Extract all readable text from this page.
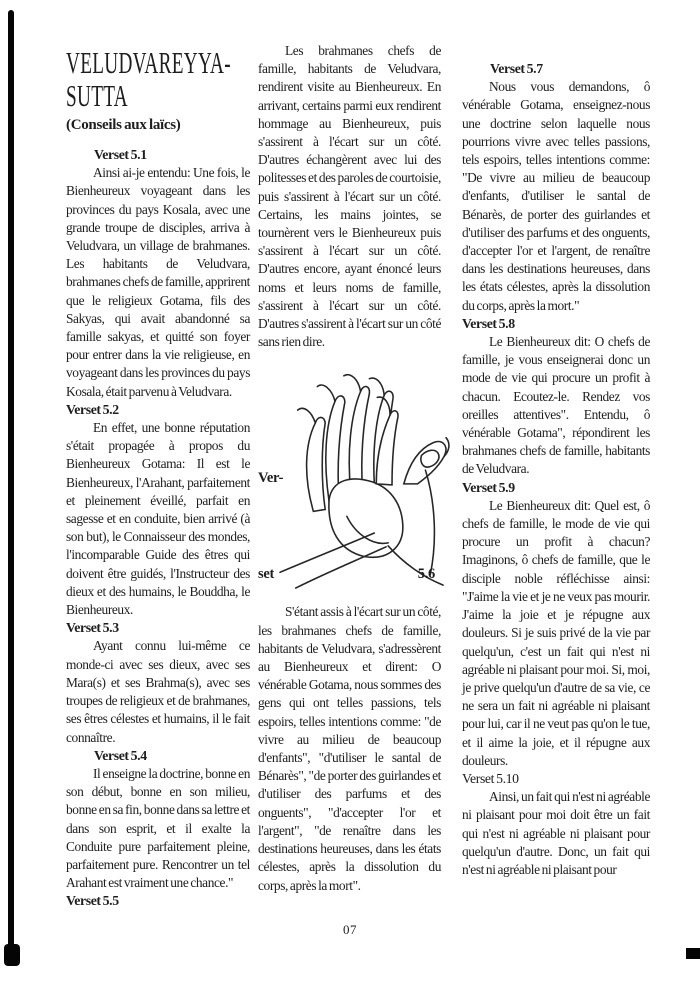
VELUDVAREYYA-
SUTTA
(Conseils aux laïcs)
Verset 5.1

Ainsi ai-je entendu: Une fois, le Bienheureux voyageant dans les provinces du pays Kosala, avec une grande troupe de disciples, arriva à Veludvara, un village de brahmanes. Les habitants de Veludvara, brahmanes chefs de famille, apprirent que le religieux Gotama, fils des Sakyas, qui avait abandonné sa famille sakyas, et quitté son foyer pour entrer dans la vie religieuse, en voyageant dans les provinces du pays Kosala, était parvenu à Veludvara.

Verset 5.2

En effet, une bonne réputation s'était propagée à propos du Bienheureux Gotama: Il est le Bienheureux, l'Arahant, parfaitement et pleinement éveillé, parfait en sagesse et en conduite, bien arrivé (à son but), le Connaisseur des mondes, l'incomparable Guide des êtres qui doivent être guidés, l'Instructeur des dieux et des humains, le Bouddha, le Bienheureux.

Verset 5.3

Ayant connu lui-même ce monde-ci avec ses dieux, avec ses Mara(s) et ses Brahma(s), avec ses troupes de religieux et de brahmanes, ses êtres célestes et humains, il le fait connaître.

Verset 5.4

Il enseigne la doctrine, bonne en son début, bonne en son milieu, bonne en sa fin, bonne dans sa lettre et dans son esprit, et il exalte la Conduite pure parfaitement pleine, parfaitement pure. Rencontrer un tel Arahant est vraiment une chance."

Verset 5.5

Les brahmanes chefs de famille, habitants de Veludvara, rendirent visite au Bienheureux. En arrivant, certains parmi eux rendirent hommage au Bienheureux, puis s'assirent à l'écart sur un côté. D'autres échangèrent avec lui des politesses et des paroles de courtoisie, puis s'assirent à l'écart sur un côté. Certains, les mains jointes, se tournèrent vers le Bienheureux puis s'assirent à l'écart sur un côté. D'autres encore, ayant énoncé leurs noms et leurs noms de famille, s'assirent à l'écart sur un côté. D'autres s'assirent à l'écart sur un côté sans rien dire.

Ver-
set	5.6

S'étant assis à l'écart sur un côté, les brahmanes chefs de famille, habitants de Veludvara, s'adressèrent au Bienheureux et dirent: O vénérable Gotama, nous sommes des gens qui ont telles passions, tels espoirs, telles intentions comme: "de vivre au milieu de beaucoup d'enfants", "d'utiliser le santal de Bénarès", "de porter des guirlandes et d'utiliser des parfums et des onguents", "d'accepter l'or et l'argent", "de renaître dans les destinations heureuses, dans les états célestes, après la dissolution du corps, après la mort".

Verset 5.7

Nous vous demandons, ô vénérable Gotama, enseignez-nous une doctrine selon laquelle nous pourrions vivre avec telles passions, tels espoirs, telles intentions comme: "De vivre au milieu de beaucoup d'enfants, d'utiliser le santal de Bénarès, de porter des guirlandes et d'utiliser des parfums et des onguents, d'accepter l'or et l'argent, de renaître dans les destinations heureuses, dans les états célestes, après la dissolution du corps, après la mort."

Verset 5.8

Le Bienheureux dit: O chefs de famille, je vous enseignerai donc un mode de vie qui procure un profit à chacun. Ecoutez-le. Rendez vos oreilles attentives". Entendu, ô vénérable Gotama", répondirent les brahmanes chefs de famille, habitants de Veludvara.

Verset 5.9

Le Bienheureux dit: Quel est, ô chefs de famille, le mode de vie qui procure un profit à chacun? Imaginons, ô chefs de famille, que le disciple noble réfléchisse ainsi: "J'aime la vie et je ne veux pas mourir. J'aime la joie et je répugne aux douleurs. Si je suis privé de la vie par quelqu'un, c'est un fait qui n'est ni agréable ni plaisant pour moi. Si, moi, je prive quelqu'un d'autre de sa vie, ce ne sera un fait ni agréable ni plaisant pour lui, car il ne veut pas qu'on le tue, et il aime la joie, et il répugne aux douleurs.

Verset 5.10

Ainsi, un fait qui n'est ni agréable ni plaisant pour moi doit être un fait qui n'est ni agréable ni plaisant pour quelqu'un d'autre. Donc, un fait qui n'est ni agréable ni plaisant pour

07
